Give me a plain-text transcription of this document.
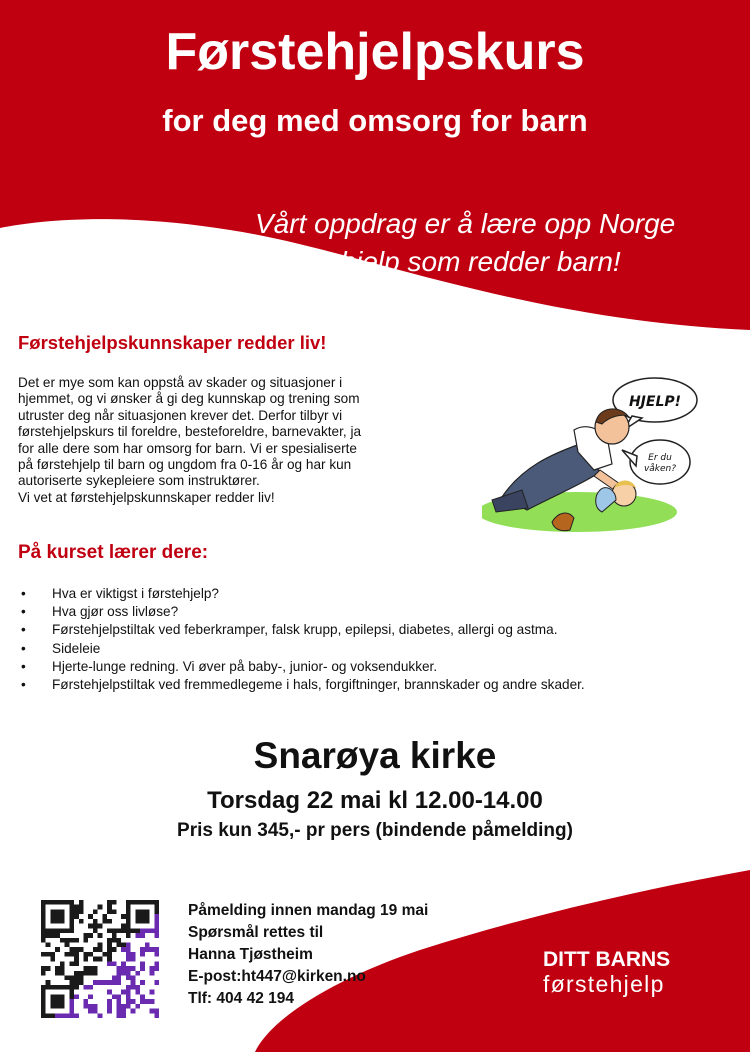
Førstehjelpskurs
for deg med omsorg for barn
Vårt oppdrag er å lære opp Norge
i førstehjelp som redder barn!
Førstehjelpskunnskaper redder liv!
Det er mye som kan oppstå av skader og situasjoner i
hjemmet, og vi ønsker å gi deg kunnskap og trening som
utruster deg når situasjonen krever det. Derfor tilbyr vi
førstehjelpskurs til foreldre, besteforeldre, barnevakter, ja
for alle dere som har omsorg for barn. Vi er spesialiserte
på førstehjelp til barn og ungdom fra 0-16 år og har kun
autoriserte sykepleiere som instruktører.
Vi vet at førstehjelpskunnskaper redder liv!
HJELP!
Er du
våken?
På kurset lærer dere:
• Hva er viktigst i førstehjelp?
• Hva gjør oss livløse?
• Førstehjelpstiltak ved feberkramper, falsk krupp, epilepsi, diabetes, allergi og astma.
• Sideleie
• Hjerte-lunge redning. Vi øver på baby-, junior- og voksendukker.
• Førstehjelpstiltak ved fremmedlegeme i hals, forgiftninger, brannskader og andre skader.
Snarøya kirke
Torsdag 22 mai kl 12.00-14.00
Pris kun 345,- pr pers (bindende påmelding)
Påmelding innen mandag 19 mai
Spørsmål rettes til
Hanna Tjøstheim
E-post:ht447@kirken.no
Tlf: 404 42 194
DITT BARNS
førstehjelp
